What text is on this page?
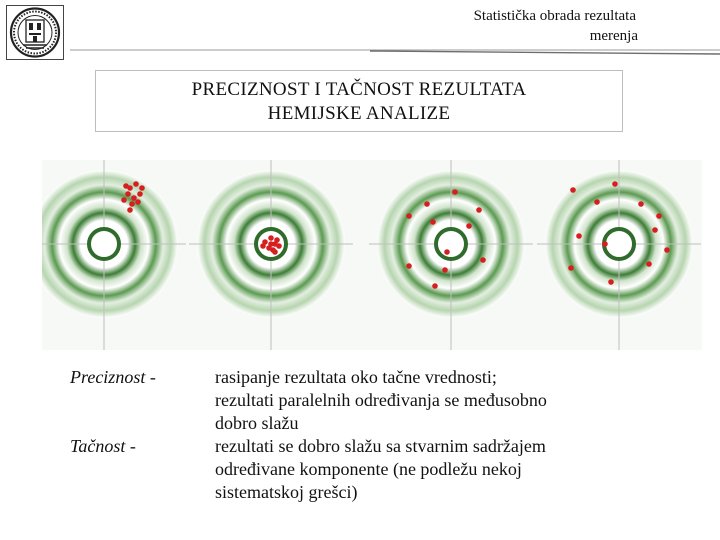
Statistička obrada rezultata
merenja
PRECIZNOST I TAČNOST REZULTATA
HEMIJSKE ANALIZE
Preciznost -	rasipanje rezultata oko tačne vrednosti;
rezultati paralelnih određivanja se međusobno
dobro slažu
Tačnost -	rezultati se dobro slažu sa stvarnim sadržajem
određivane komponente (ne podležu nekoj
sistematskoj grešci)
